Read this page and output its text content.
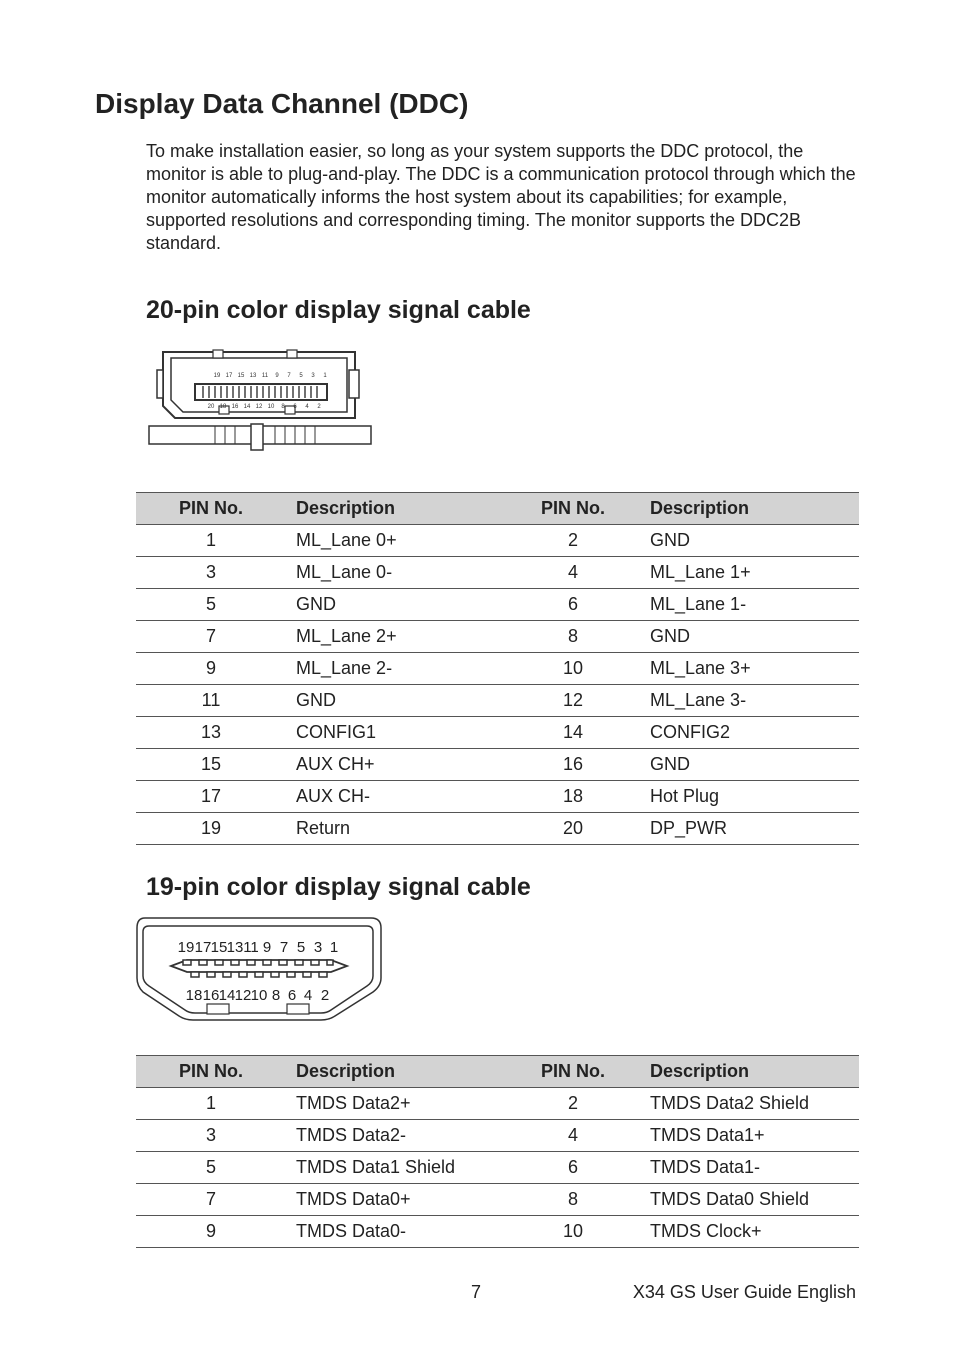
Display Data Channel (DDC)

To make installation easier, so long as your system supports the DDC protocol, the monitor is able to plug-and-play. The DDC is a communication protocol through which the monitor automatically informs the host system about its capabilities; for example, supported resolutions and corresponding timing. The monitor supports the DDC2B standard.

20-pin color display signal cable
19 17 15 13 11 9 7 5 3 1
20 18 16 14 12 10 8 6 4 2
PIN No.	Description	PIN No.	Description
1	ML_Lane 0+	2	GND
3	ML_Lane 0-	4	ML_Lane 1+
5	GND	6	ML_Lane 1-
7	ML_Lane 2+	8	GND
9	ML_Lane 2-	10	ML_Lane 3+
11	GND	12	ML_Lane 3-
13	CONFIG1	14	CONFIG2
15	AUX CH+	16	GND
17	AUX CH-	18	Hot Plug
19	Return	20	DP_PWR
19-pin color display signal cable
19 17 15 13 11 9 7 5 3 1
18 16 14 12 10 8 6 4 2
PIN No.	Description	PIN No.	Description
1	TMDS Data2+	2	TMDS Data2 Shield
3	TMDS Data2-	4	TMDS Data1+
5	TMDS Data1 Shield	6	TMDS Data1-
7	TMDS Data0+	8	TMDS Data0 Shield
9	TMDS Data0-	10	TMDS Clock+
7	X34 GS User Guide English
